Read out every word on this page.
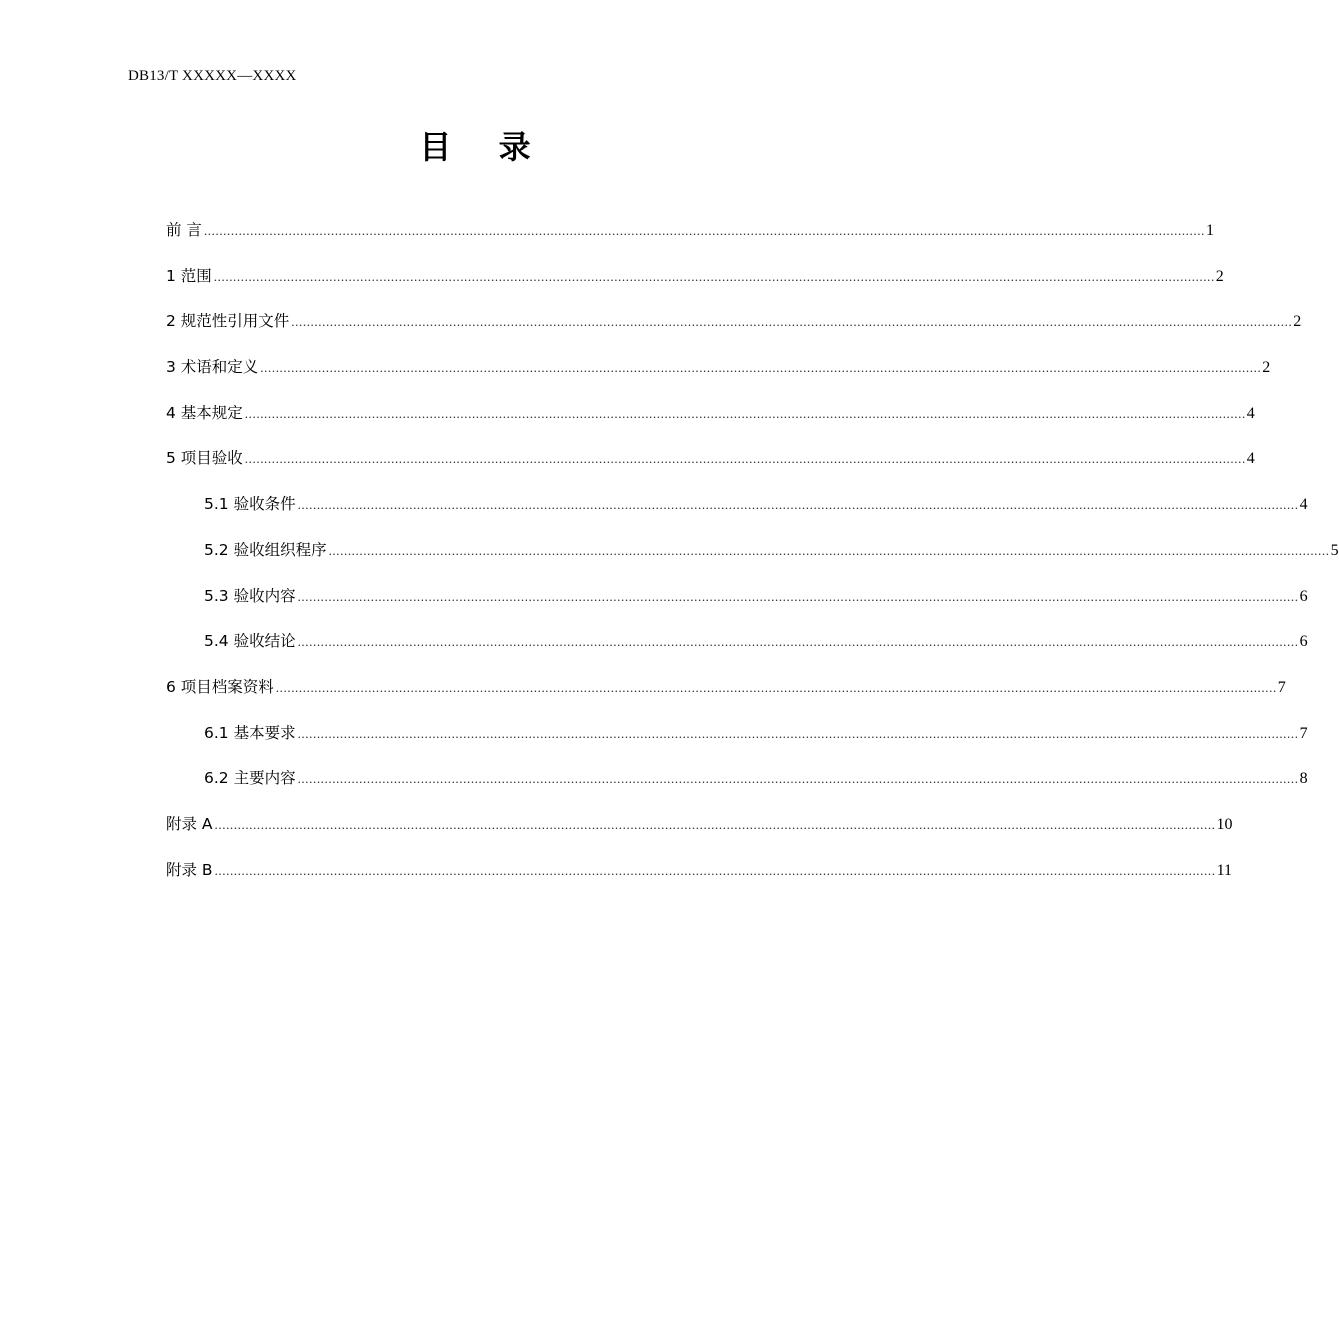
DB13/T XXXXX—XXXX
目 录
前 言 .................................................................................................................................................................................................................................................................... 1
1 范围 .................................................................................................................................................................................................................................................................... 2
2 规范性引用文件 .................................................................................................................................................................................................................................................................... 2
3 术语和定义 .................................................................................................................................................................................................................................................................... 2
4 基本规定 .................................................................................................................................................................................................................................................................... 4
5 项目验收 .................................................................................................................................................................................................................................................................... 4
5.1 验收条件 .................................................................................................................................................................................................................................................................... 4
5.2 验收组织程序 .................................................................................................................................................................................................................................................................... 5
5.3 验收内容 .................................................................................................................................................................................................................................................................... 6
5.4 验收结论 .................................................................................................................................................................................................................................................................... 6
6 项目档案资料 .................................................................................................................................................................................................................................................................... 7
6.1 基本要求 .................................................................................................................................................................................................................................................................... 7
6.2 主要内容 .................................................................................................................................................................................................................................................................... 8
附录 A .................................................................................................................................................................................................................................................................... 10
附录 B .................................................................................................................................................................................................................................................................... 11
